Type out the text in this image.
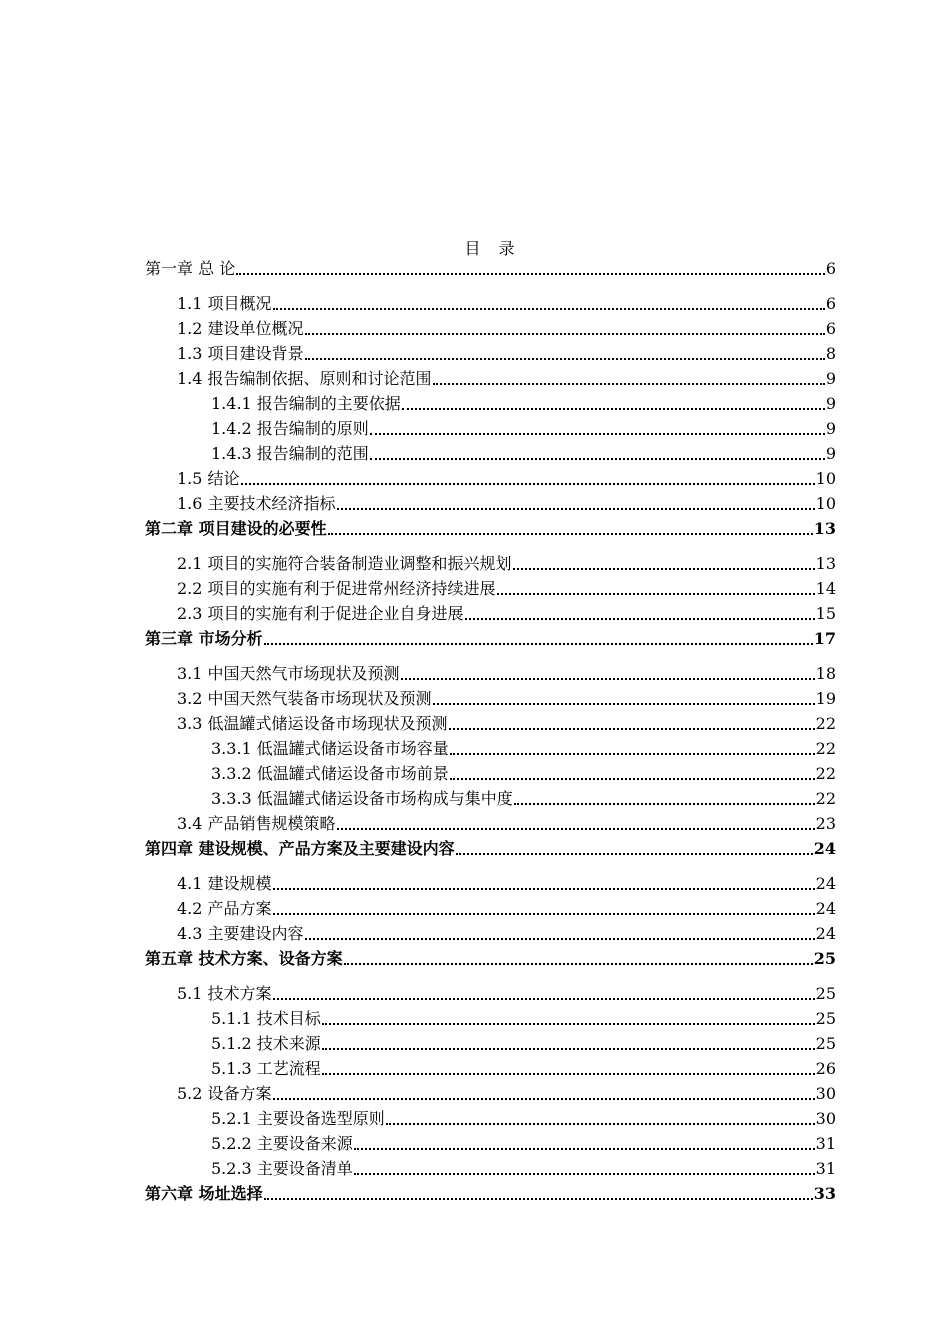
目　录
第一章 总 论	6
1.1 项目概况	6
1.2 建设单位概况	6
1.3 项目建设背景	8
1.4 报告编制依据、原则和讨论范围	9
1.4.1 报告编制的主要依据	9
1.4.2 报告编制的原则	9
1.4.3 报告编制的范围	9
1.5 结论	10
1.6 主要技术经济指标	10
第二章 项目建设的必要性	13
2.1 项目的实施符合装备制造业调整和振兴规划	13
2.2 项目的实施有利于促进常州经济持续进展	14
2.3 项目的实施有利于促进企业自身进展	15
第三章 市场分析	17
3.1 中国天然气市场现状及预测	18
3.2 中国天然气装备市场现状及预测	19
3.3 低温罐式储运设备市场现状及预测	22
3.3.1 低温罐式储运设备市场容量	22
3.3.2 低温罐式储运设备市场前景	22
3.3.3 低温罐式储运设备市场构成与集中度	22
3.4 产品销售规模策略	23
第四章 建设规模、产品方案及主要建设内容	24
4.1 建设规模	24
4.2 产品方案	24
4.3 主要建设内容	24
第五章 技术方案、设备方案	25
5.1 技术方案	25
5.1.1 技术目标	25
5.1.2 技术来源	25
5.1.3 工艺流程	26
5.2 设备方案	30
5.2.1 主要设备选型原则	30
5.2.2 主要设备来源	31
5.2.3 主要设备清单	31
第六章 场址选择	33
